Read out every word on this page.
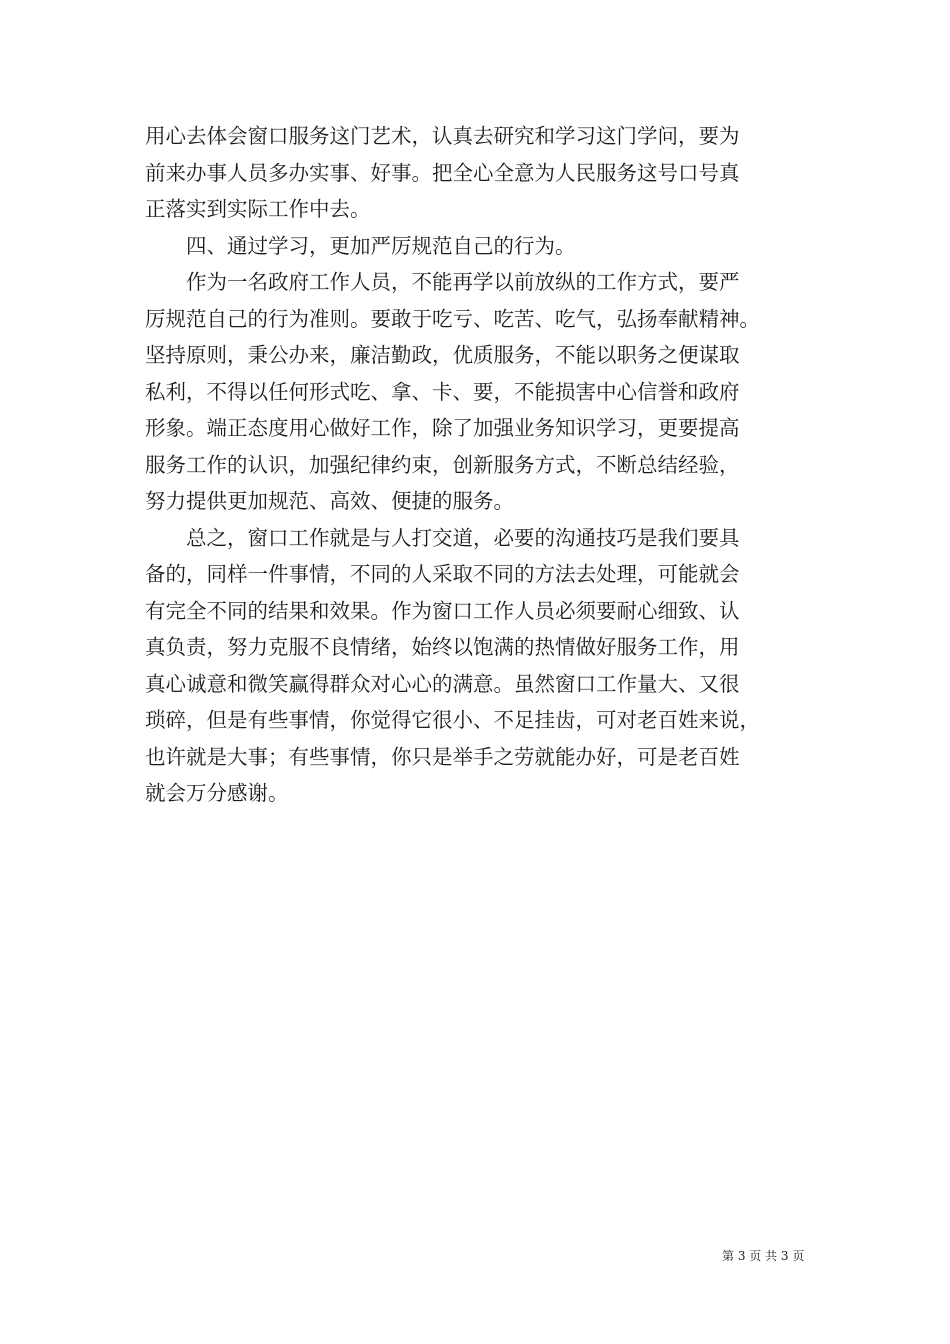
用心去体会窗口服务这门艺术，认真去研究和学习这门学问，要为
前来办事人员多办实事、好事。把全心全意为人民服务这号口号真
正落实到实际工作中去。
四、通过学习，更加严厉规范自己的行为。
作为一名政府工作人员，不能再学以前放纵的工作方式，要严
厉规范自己的行为准则。要敢于吃亏、吃苦、吃气，弘扬奉献精神。
坚持原则，秉公办来，廉洁勤政，优质服务，不能以职务之便谋取
私利，不得以任何形式吃、拿、卡、要，不能损害中心信誉和政府
形象。端正态度用心做好工作，除了加强业务知识学习，更要提高
服务工作的认识，加强纪律约束，创新服务方式，不断总结经验，
努力提供更加规范、高效、便捷的服务。
总之，窗口工作就是与人打交道，必要的沟通技巧是我们要具
备的，同样一件事情，不同的人采取不同的方法去处理，可能就会
有完全不同的结果和效果。作为窗口工作人员必须要耐心细致、认
真负责，努力克服不良情绪，始终以饱满的热情做好服务工作，用
真心诚意和微笑赢得群众对心心的满意。虽然窗口工作量大、又很
琐碎，但是有些事情，你觉得它很小、不足挂齿，可对老百姓来说，
也许就是大事；有些事情，你只是举手之劳就能办好，可是老百姓
就会万分感谢。
第 3 页 共 3 页
